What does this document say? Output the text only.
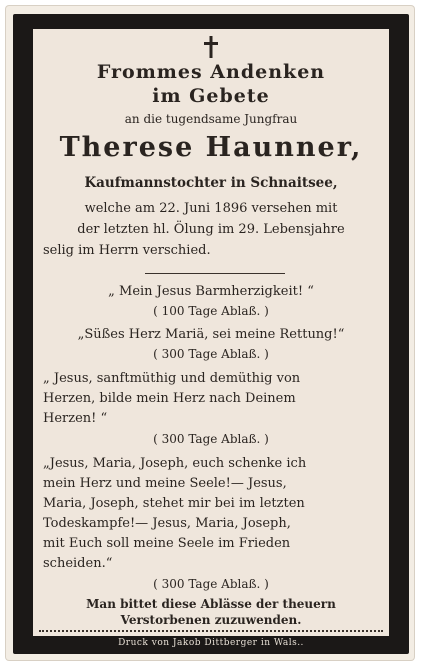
Frommes Andenken
im Gebete
an die tugendsame Jungfrau
Therese Haunner,
Kaufmannstochter in Schnaitsee,
welche am 22. Juni 1896 versehen mit
der letzten hl. Ölung im 29. Lebensjahre
selig im Herrn verschied.
„ Mein Jesus Barmherzigkeit! “
( 100 Tage Ablaß. )
„Süßes Herz Mariä, sei meine Rettung!“
( 300 Tage Ablaß. )
„ Jesus, sanftmüthig und demüthig von
Herzen, bilde mein Herz nach Deinem
Herzen! “
( 300 Tage Ablaß. )
„Jesus, Maria, Joseph, euch schenke ich
mein Herz und meine Seele!— Jesus,
Maria, Joseph, stehet mir bei im letzten
Todeskampfe!— Jesus, Maria, Joseph,
mit Euch soll meine Seele im Frieden
scheiden.“
( 300 Tage Ablaß. )
Man bittet diese Ablässe der theuern
Verstorbenen zuzuwenden.
Druck von Jakob Dittberger in Wals..
